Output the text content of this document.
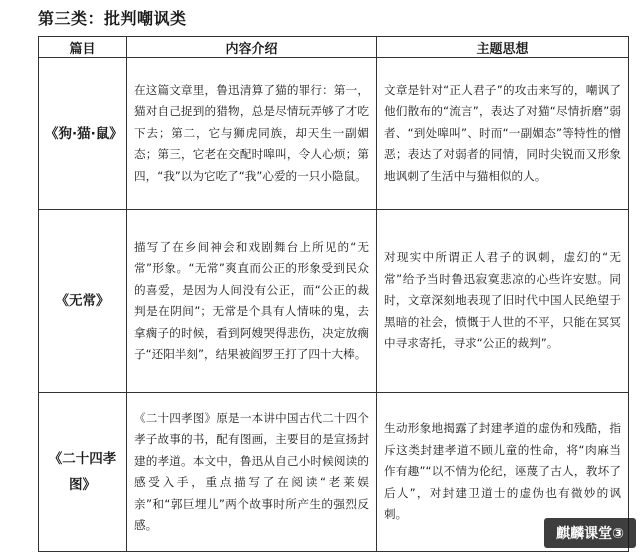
第三类：批判嘲讽类
篇目	内容介绍	主题思想
《狗·猫·鼠》	在这篇文章里，鲁迅清算了猫的罪行：第一，猫对自己捉到的猎物，总是尽情玩弄够了才吃下去；第二，它与狮虎同族，却天生一副媚态；第三，它老在交配时嗥叫，令人心烦；第四，“我”以为它吃了“我”心爱的一只小隐鼠。	文章是针对“正人君子”的攻击来写的，嘲讽了他们散布的“流言”，表达了对猫“尽情折磨”弱者、“到处嗥叫”、时而“一副媚态”等特性的憎恶；表达了对弱者的同情，同时尖锐而又形象地讽刺了生活中与猫相似的人。
《无常》	描写了在乡间神会和戏剧舞台上所见的“无常”形象。“无常”爽直而公正的形象受到民众的喜爱，是因为人间没有公正，而“公正的裁判是在阴间”；无常是个具有人情味的鬼，去拿瘸子的时候，看到阿嫂哭得悲伤，决定放瘸子“还阳半刻”，结果被阎罗王打了四十大棒。	对现实中所谓正人君子的讽刺，虚幻的“无常”给予当时鲁迅寂寞悲凉的心些许安慰。同时，文章深刻地表现了旧时代中国人民绝望于黑暗的社会，愤慨于人世的不平，只能在冥冥中寻求寄托，寻求“公正的裁判”。
《二十四孝图》	《二十四孝图》原是一本讲中国古代二十四个孝子故事的书，配有图画，主要目的是宣扬封建的孝道。本文中，鲁迅从自己小时候阅读的感受入手，重点描写了在阅读“老莱娱亲”和“郭巨埋儿”两个故事时所产生的强烈反感。	生动形象地揭露了封建孝道的虚伪和残酷，指斥这类封建孝道不顾儿童的性命，将“肉麻当作有趣”“以不情为伦纪，诬蔑了古人，教坏了后人”，对封建卫道士的虚伪也有微妙的讽刺。
麒麟课堂③
